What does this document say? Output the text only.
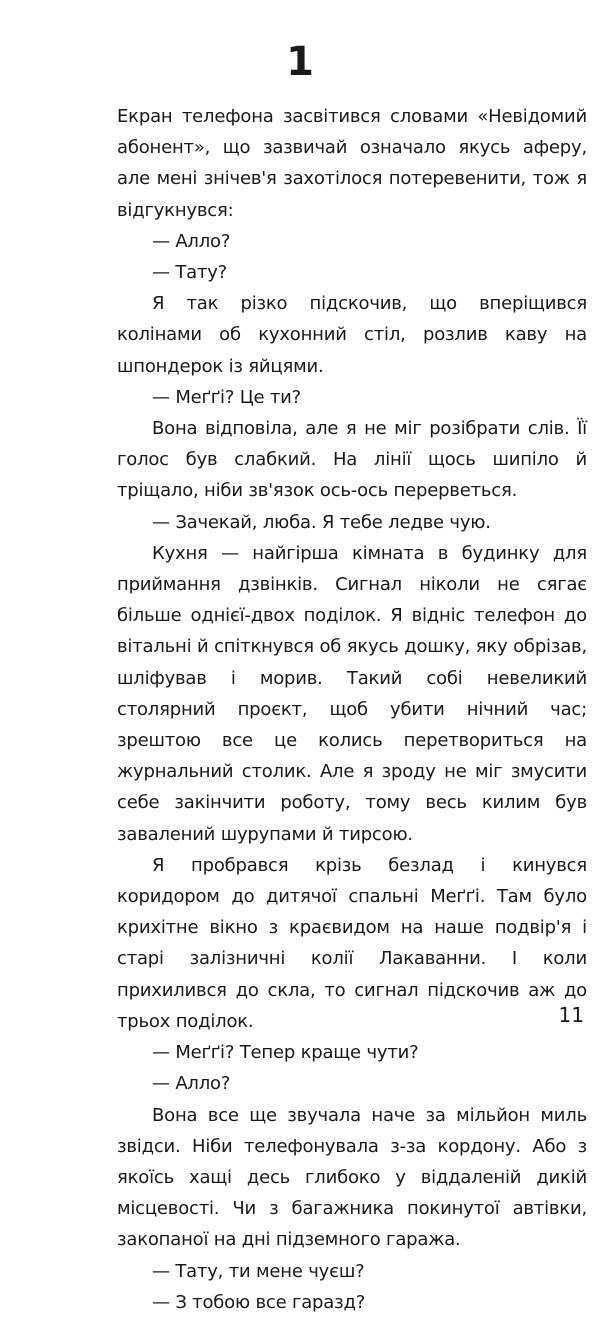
1

Екран телефона засвітився словами «Невідомий абонент», що зазвичай означало якусь аферу, але мені знічев'я захотілося потеревенити, тож я відгукнувся:

— Алло?

— Тату?

Я так різко підскочив, що вперіщився колінами об кухонний стіл, розлив каву на шпондерок із яйцями.

— Меґґі? Це ти?

Вона відповіла, але я не міг розібрати слів. Її голос був слабкий. На лінії щось шипіло й тріщало, ніби зв'язок ось-ось перерветься.

— Зачекай, люба. Я тебе ледве чую.

Кухня — найгірша кімната в будинку для приймання дзвінків. Сигнал ніколи не сягає більше однієї-двох поділок. Я відніс телефон до вітальні й спіткнувся об якусь дошку, яку обрізав, шліфував і морив. Такий собі невеликий столярний проєкт, щоб убити нічний час; зрештою все це колись перетвориться на журнальний столик. Але я зроду не міг змусити себе закінчити роботу, тому весь килим був завалений шурупами й тирсою.

Я пробрався крізь безлад і кинувся коридором до дитячої спальні Меґґі. Там було крихітне вікно з краєвидом на наше подвір'я і старі залізничні колії Лакаванни. І коли прихилився до скла, то сигнал підскочив аж до трьох поділок.

— Меґґі? Тепер краще чути?

— Алло?

Вона все ще звучала наче за мільйон миль звідси. Ніби телефонувала з-за кордону. Або з якоїсь хащі десь глибоко у віддаленій дикій місцевості. Чи з багажника покинутої автівки, закопаної на дні підземного гаража.

— Тату, ти мене чуєш?

— З тобою все гаразд?

11
